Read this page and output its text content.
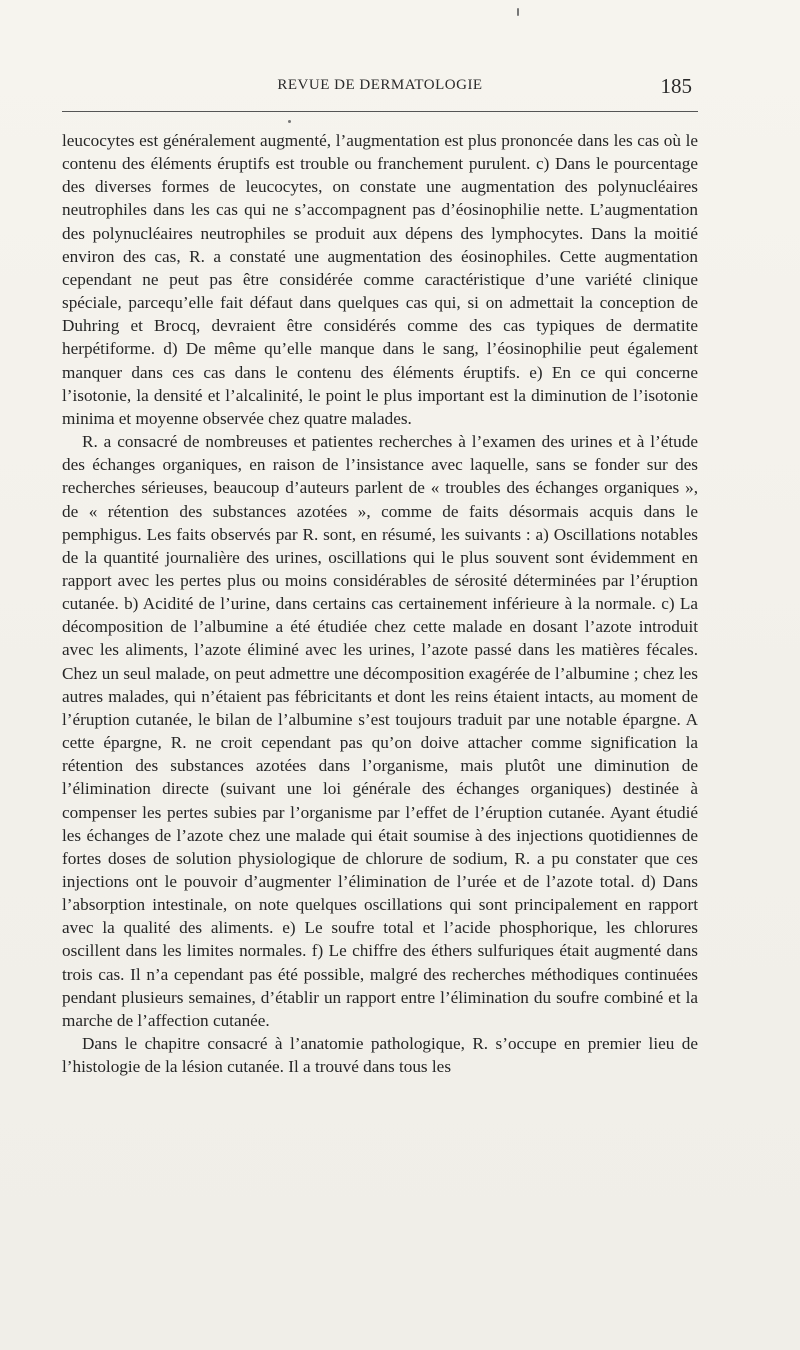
REVUE DE DERMATOLOGIE	185

leucocytes est généralement augmenté, l’augmentation est plus prononcée dans les cas où le contenu des éléments éruptifs est trouble ou franchement purulent. c) Dans le pourcentage des diverses formes de leucocytes, on constate une augmentation des polynucléaires neutrophiles dans les cas qui ne s’accompagnent pas d’éosinophilie nette. L’augmentation des polynucléaires neutrophiles se produit aux dépens des lymphocytes. Dans la moitié environ des cas, R. a constaté une augmentation des éosinophiles. Cette augmentation cependant ne peut pas être considérée comme caractéristique d’une variété clinique spéciale, parcequ’elle fait défaut dans quelques cas qui, si on admettait la conception de Duhring et Brocq, devraient être considérés comme des cas typiques de dermatite herpétiforme. d) De même qu’elle manque dans le sang, l’éosinophilie peut également manquer dans ces cas dans le contenu des éléments éruptifs. e) En ce qui concerne l’isotonie, la densité et l’alcalinité, le point le plus important est la diminution de l’isotonie minima et moyenne observée chez quatre malades.

R. a consacré de nombreuses et patientes recherches à l’examen des urines et à l’étude des échanges organiques, en raison de l’insistance avec laquelle, sans se fonder sur des recherches sérieuses, beaucoup d’auteurs parlent de « troubles des échanges organiques », de « rétention des substances azotées », comme de faits désormais acquis dans le pemphigus. Les faits observés par R. sont, en résumé, les suivants : a) Oscillations notables de la quantité journalière des urines, oscillations qui le plus souvent sont évidemment en rapport avec les pertes plus ou moins considérables de sérosité déterminées par l’éruption cutanée. b) Acidité de l’urine, dans certains cas certainement inférieure à la normale. c) La décomposition de l’albumine a été étudiée chez cette malade en dosant l’azote introduit avec les aliments, l’azote éliminé avec les urines, l’azote passé dans les matières fécales. Chez un seul malade, on peut admettre une décomposition exagérée de l’albumine ; chez les autres malades, qui n’étaient pas fébricitants et dont les reins étaient intacts, au moment de l’éruption cutanée, le bilan de l’albumine s’est toujours traduit par une notable épargne. A cette épargne, R. ne croit cependant pas qu’on doive attacher comme signification la rétention des substances azotées dans l’organisme, mais plutôt une diminution de l’élimination directe (suivant une loi générale des échanges organiques) destinée à compenser les pertes subies par l’organisme par l’effet de l’éruption cutanée. Ayant étudié les échanges de l’azote chez une malade qui était soumise à des injections quotidiennes de fortes doses de solution physiologique de chlorure de sodium, R. a pu constater que ces injections ont le pouvoir d’augmenter l’élimination de l’urée et de l’azote total. d) Dans l’absorption intestinale, on note quelques oscillations qui sont principalement en rapport avec la qualité des aliments. e) Le soufre total et l’acide phosphorique, les chlorures oscillent dans les limites normales. f) Le chiffre des éthers sulfuriques était augmenté dans trois cas. Il n’a cependant pas été possible, malgré des recherches méthodiques continuées pendant plusieurs semaines, d’établir un rapport entre l’élimination du soufre combiné et la marche de l’affection cutanée.

Dans le chapitre consacré à l’anatomie pathologique, R. s’occupe en premier lieu de l’histologie de la lésion cutanée. Il a trouvé dans tous les
